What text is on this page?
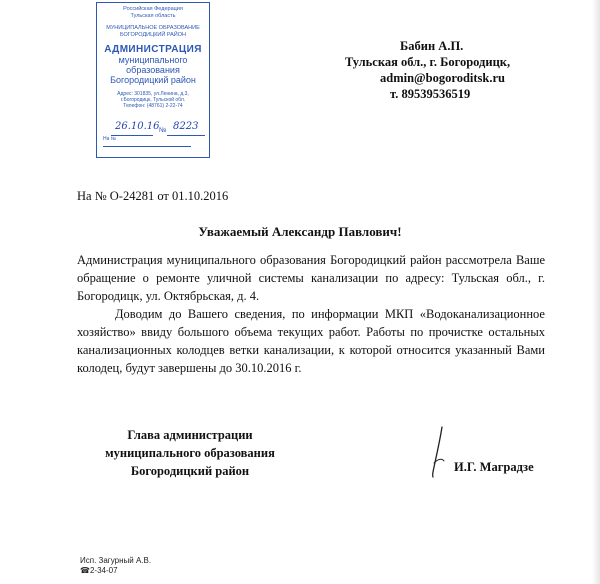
Российская Федерация
Тульская область
МУНИЦИПАЛЬНОЕ ОБРАЗОВАНИЕ
БОГОРОДИЦКИЙ РАЙОН
АДМИНИСТРАЦИЯ
муниципального
образования
Богородицкий район
Адрес: 301835, ул.Ленина, д.3,
г.Богородицк, Тульской обл.
Телефон: (48761) 2-22-74
26.10.16 № 8223
На №
Бабин А.П.
Тульская обл., г. Богородицк,
admin@bogoroditsk.ru
т. 89539536519
На № О-24281 от 01.10.2016
Уважаемый Александр Павлович!
Администрация муниципального образования Богородицкий район рассмотрела Ваше обращение о ремонте уличной системы канализации по адресу: Тульская обл., г. Богородицк, ул. Октябрьская, д. 4.
Доводим до Вашего сведения, по информации МКП «Водоканализационное хозяйство» ввиду большого объема текущих работ. Работы по прочистке остальных канализационных колодцев ветки канализации, к которой относится указанный Вами колодец, будут завершены до 30.10.2016 г.
Глава администрации
муниципального образования
Богородицкий район	И.Г. Маградзе
Исп. Загурный А.В.
☎2-34-07
